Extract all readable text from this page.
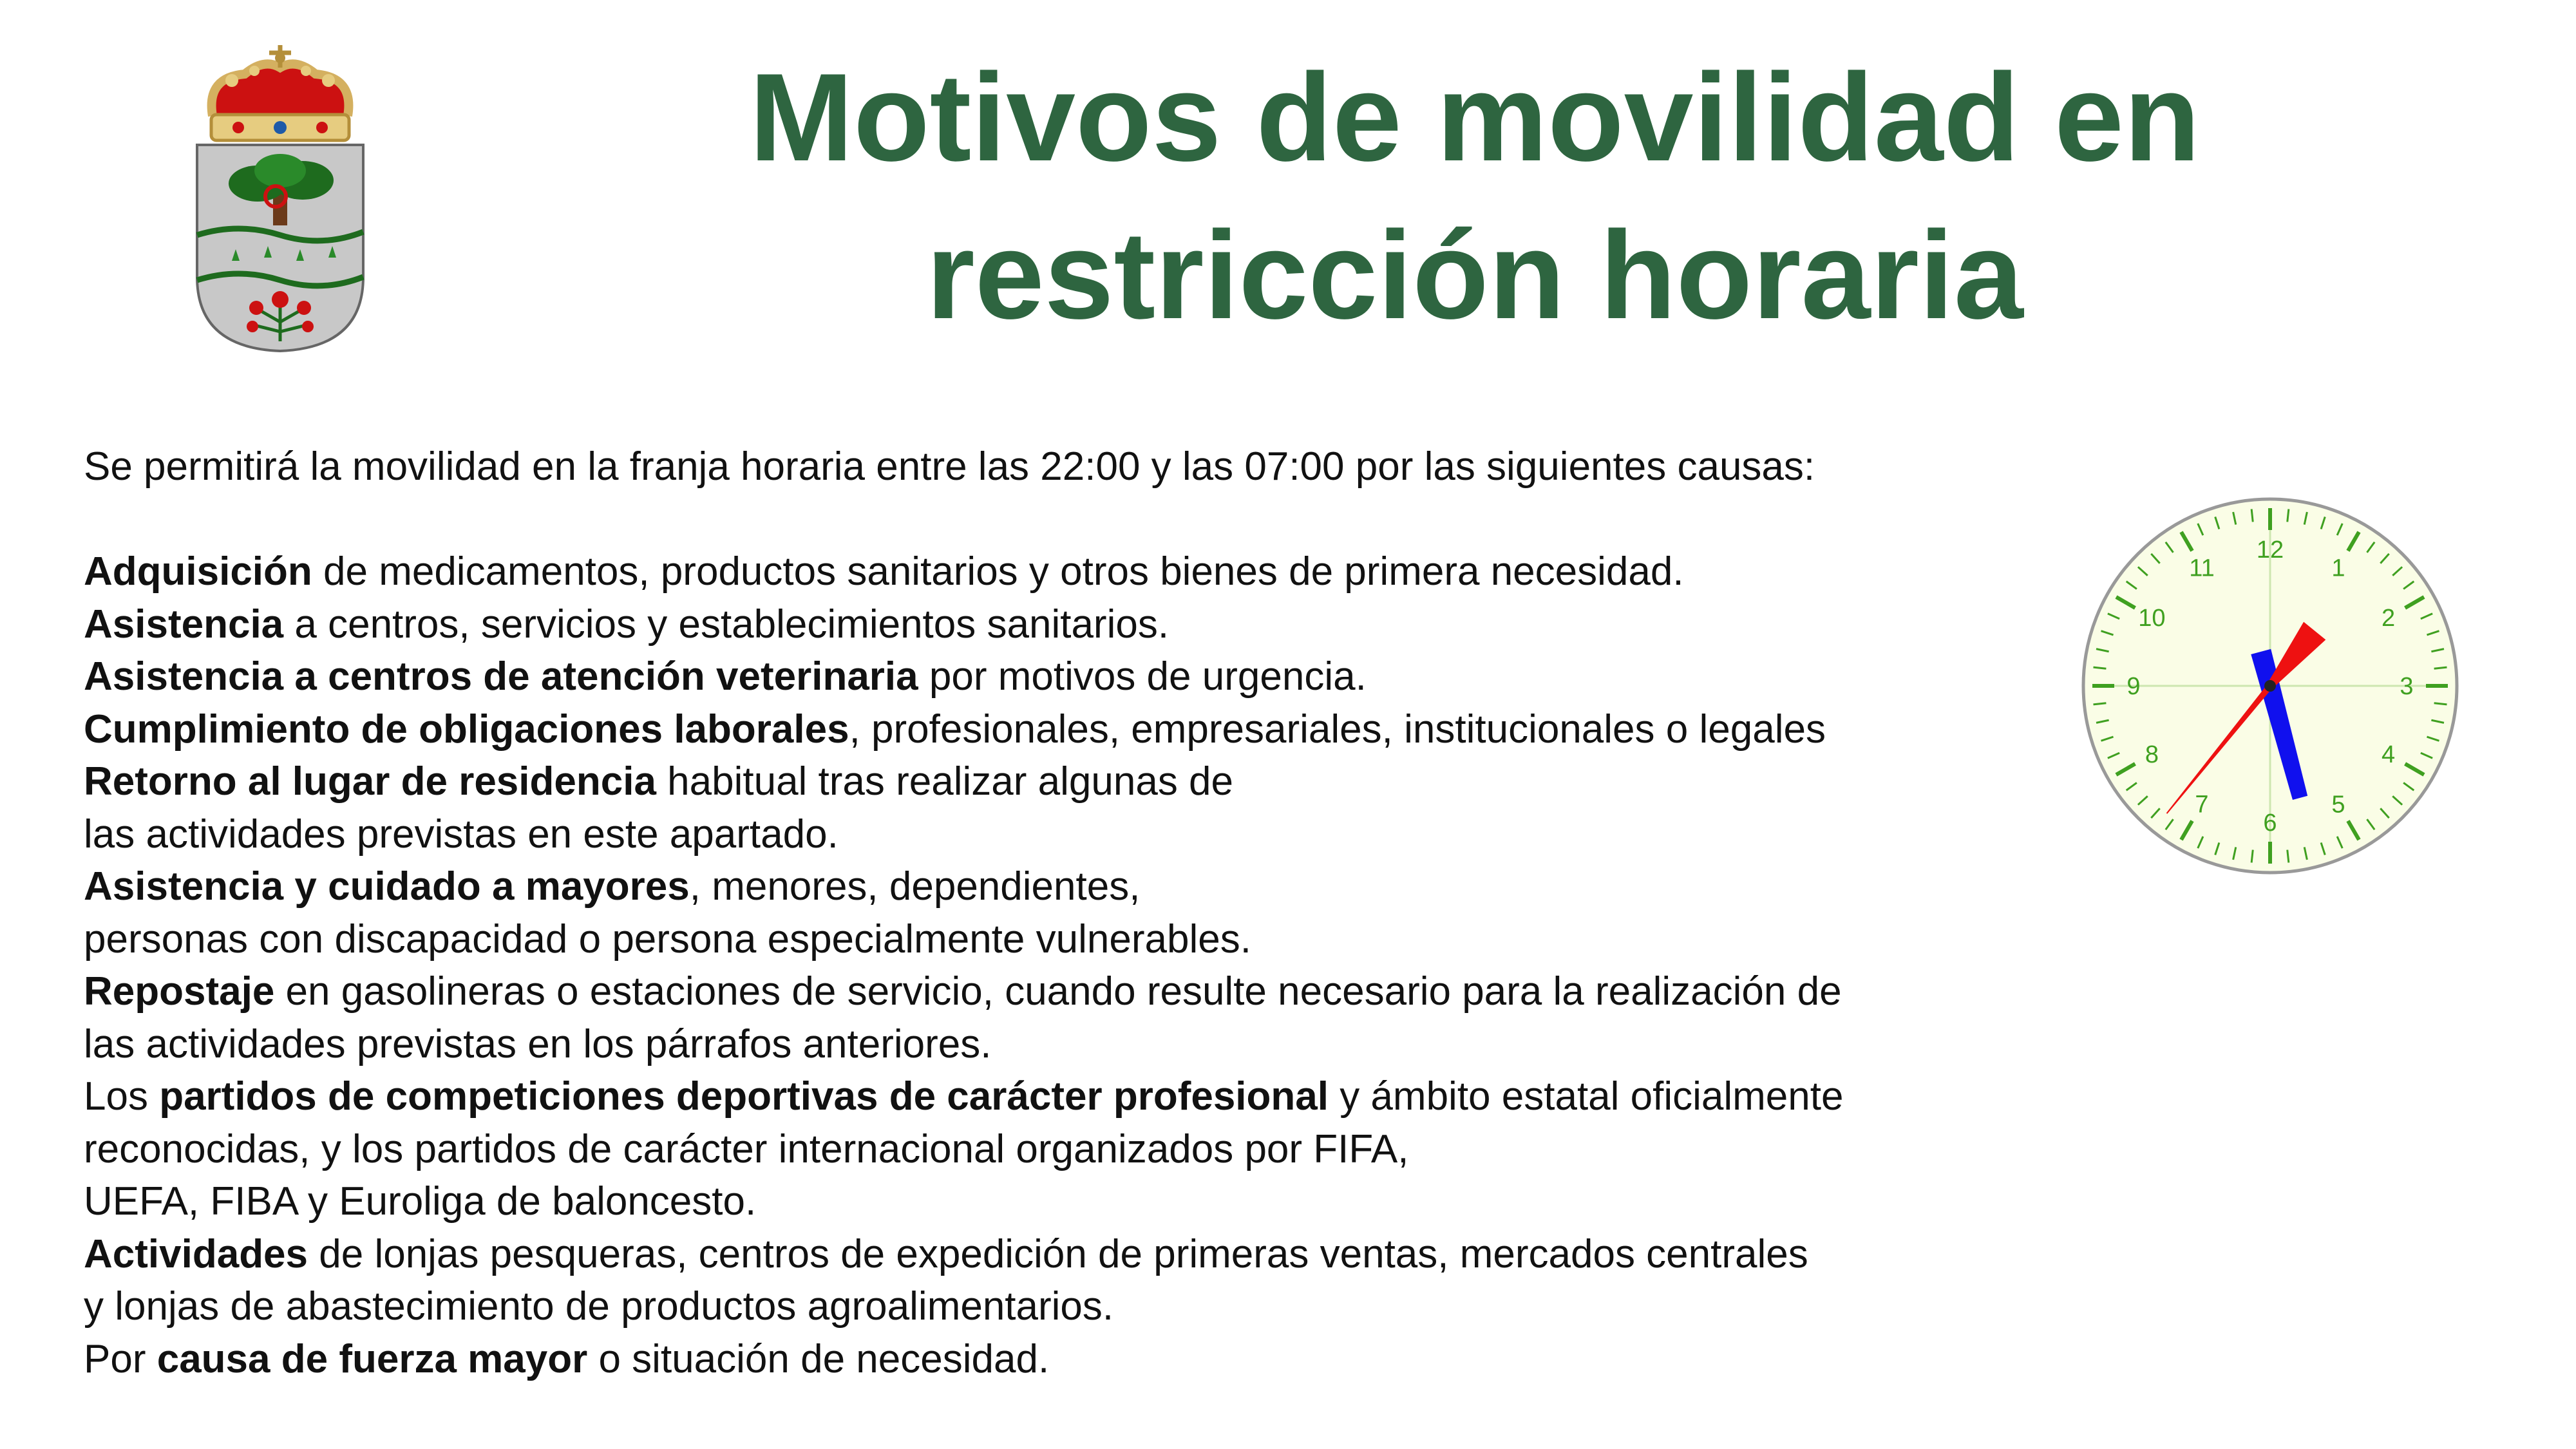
Motivos de movilidad en
restricción horaria
Se permitirá la movilidad en la franja horaria entre las 22:00 y las 07:00 por las siguientes causas:
Adquisición de medicamentos, productos sanitarios y otros bienes de primera necesidad.
Asistencia a centros, servicios y establecimientos sanitarios.
Asistencia a centros de atención veterinaria por motivos de urgencia.
Cumplimiento de obligaciones laborales, profesionales, empresariales, institucionales o legales
Retorno al lugar de residencia habitual tras realizar algunas de
las actividades previstas en este apartado.
Asistencia y cuidado a mayores, menores, dependientes,
personas con discapacidad o persona especialmente vulnerables.
Repostaje en gasolineras o estaciones de servicio, cuando resulte necesario para la realización de
las actividades previstas en los párrafos anteriores.
Los partidos de competiciones deportivas de carácter profesional y ámbito estatal oficialmente
reconocidas, y los partidos de carácter internacional organizados por FIFA,
UEFA, FIBA y Euroliga de baloncesto.
Actividades de lonjas pesqueras, centros de expedición de primeras ventas, mercados centrales
y lonjas de abastecimiento de productos agroalimentarios.
Por causa de fuerza mayor o situación de necesidad.
12
1
2
3
4
5
6
7
8
9
10
11
